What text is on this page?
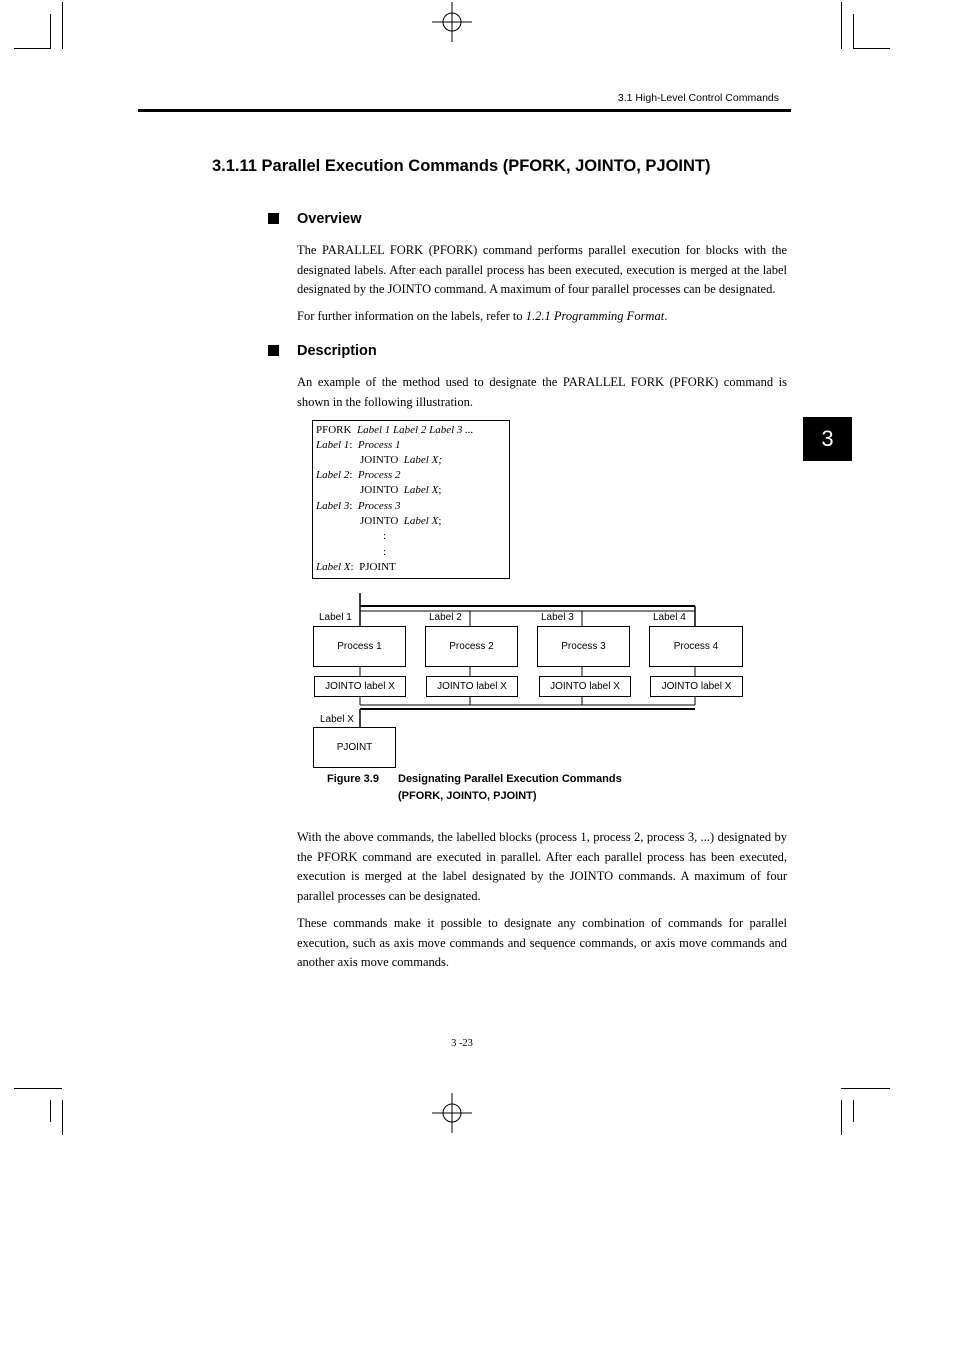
3.1 High-Level Control Commands
3.1.11 Parallel Execution Commands (PFORK, JOINTO, PJOINT)
Overview
The PARALLEL FORK (PFORK) command performs parallel execution for blocks with the designated labels. After each parallel process has been executed, execution is merged at the label designated by the JOINTO command. A maximum of four parallel processes can be designated.
For further information on the labels, refer to 1.2.1 Programming Format.
Description
An example of the method used to designate the PARALLEL FORK (PFORK) command is shown in the following illustration.
3
PFORK Label 1 Label 2 Label 3 ...
Label 1:  Process 1
JOINTO Label X;
Label 2:  Process 2
JOINTO Label X;
Label 3:  Process 3
JOINTO Label X;
:
:
Label X:  PJOINT
Label 1	Label 2	Label 3	Label 4
Process 1	Process 2	Process 3	Process 4
JOINTO label X	JOINTO label X	JOINTO label X	JOINTO label X
Label X
PJOINT
Figure 3.9 Designating Parallel Execution Commands
(PFORK, JOINTO, PJOINT)
With the above commands, the labelled blocks (process 1, process 2, process 3, ...) designated by the PFORK command are executed in parallel. After each parallel process has been executed, execution is merged at the label designated by the JOINTO commands. A maximum of four parallel processes can be designated.
These commands make it possible to designate any combination of commands for parallel execution, such as axis move commands and sequence commands, or axis move commands and another axis move commands.
3 -23
